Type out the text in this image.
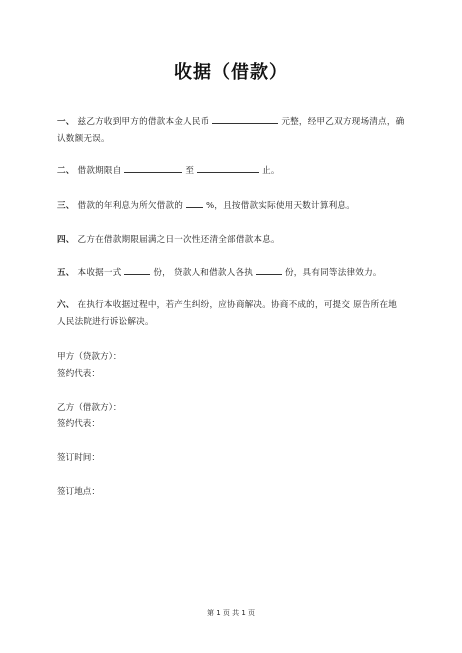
收据（借款）
一、 兹乙方收到甲方的借款本金人民币	元整，经甲乙双方现场清点，确认数额无误。
二、 借款期限自	至	止。
三、 借款的年利息为所欠借款的	%，且按借款实际使用天数计算利息。
四、 乙方在借款期限届满之日一次性还清全部借款本息。
五、 本收据一式	份， 贷款人和借款人各执	份，具有同等法律效力。
六、 在执行本收据过程中，若产生纠纷，应协商解决。协商不成的，可提交 原告所在地 人民法院进行诉讼解决。
甲方（贷款方）：
签约代表：
乙方（借款方）：
签约代表：
签订时间：
签订地点：
第 1 页 共 1 页
